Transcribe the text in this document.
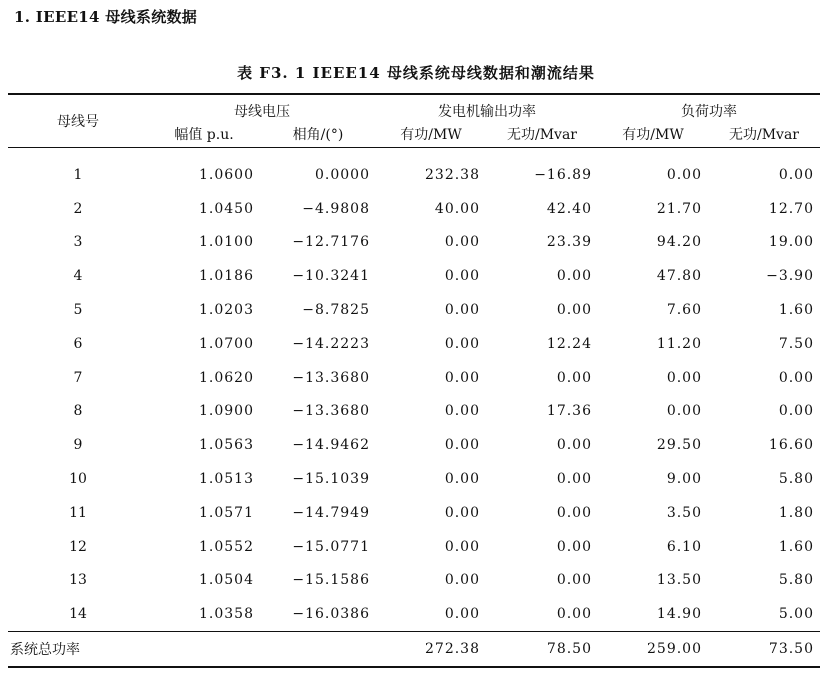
1. IEEE14 母线系统数据
表 F3. 1 IEEE14 母线系统母线数据和潮流结果
母线号	母线电压		发电机输出功率		负荷功率	
	幅值 p.u.	相角/(°)	有功/MW	无功/Mvar	有功/MW	无功/Mvar
1	1.0600	0.0000	232.38	−16.89	0.00	0.00
2	1.0450	−4.9808	40.00	42.40	21.70	12.70
3	1.0100	−12.7176	0.00	23.39	94.20	19.00
4	1.0186	−10.3241	0.00	0.00	47.80	−3.90
5	1.0203	−8.7825	0.00	0.00	7.60	1.60
6	1.0700	−14.2223	0.00	12.24	11.20	7.50
7	1.0620	−13.3680	0.00	0.00	0.00	0.00
8	1.0900	−13.3680	0.00	17.36	0.00	0.00
9	1.0563	−14.9462	0.00	0.00	29.50	16.60
10	1.0513	−15.1039	0.00	0.00	9.00	5.80
11	1.0571	−14.7949	0.00	0.00	3.50	1.80
12	1.0552	−15.0771	0.00	0.00	6.10	1.60
13	1.0504	−15.1586	0.00	0.00	13.50	5.80
14	1.0358	−16.0386	0.00	0.00	14.90	5.00
系统总功率			272.38	78.50	259.00	73.50
